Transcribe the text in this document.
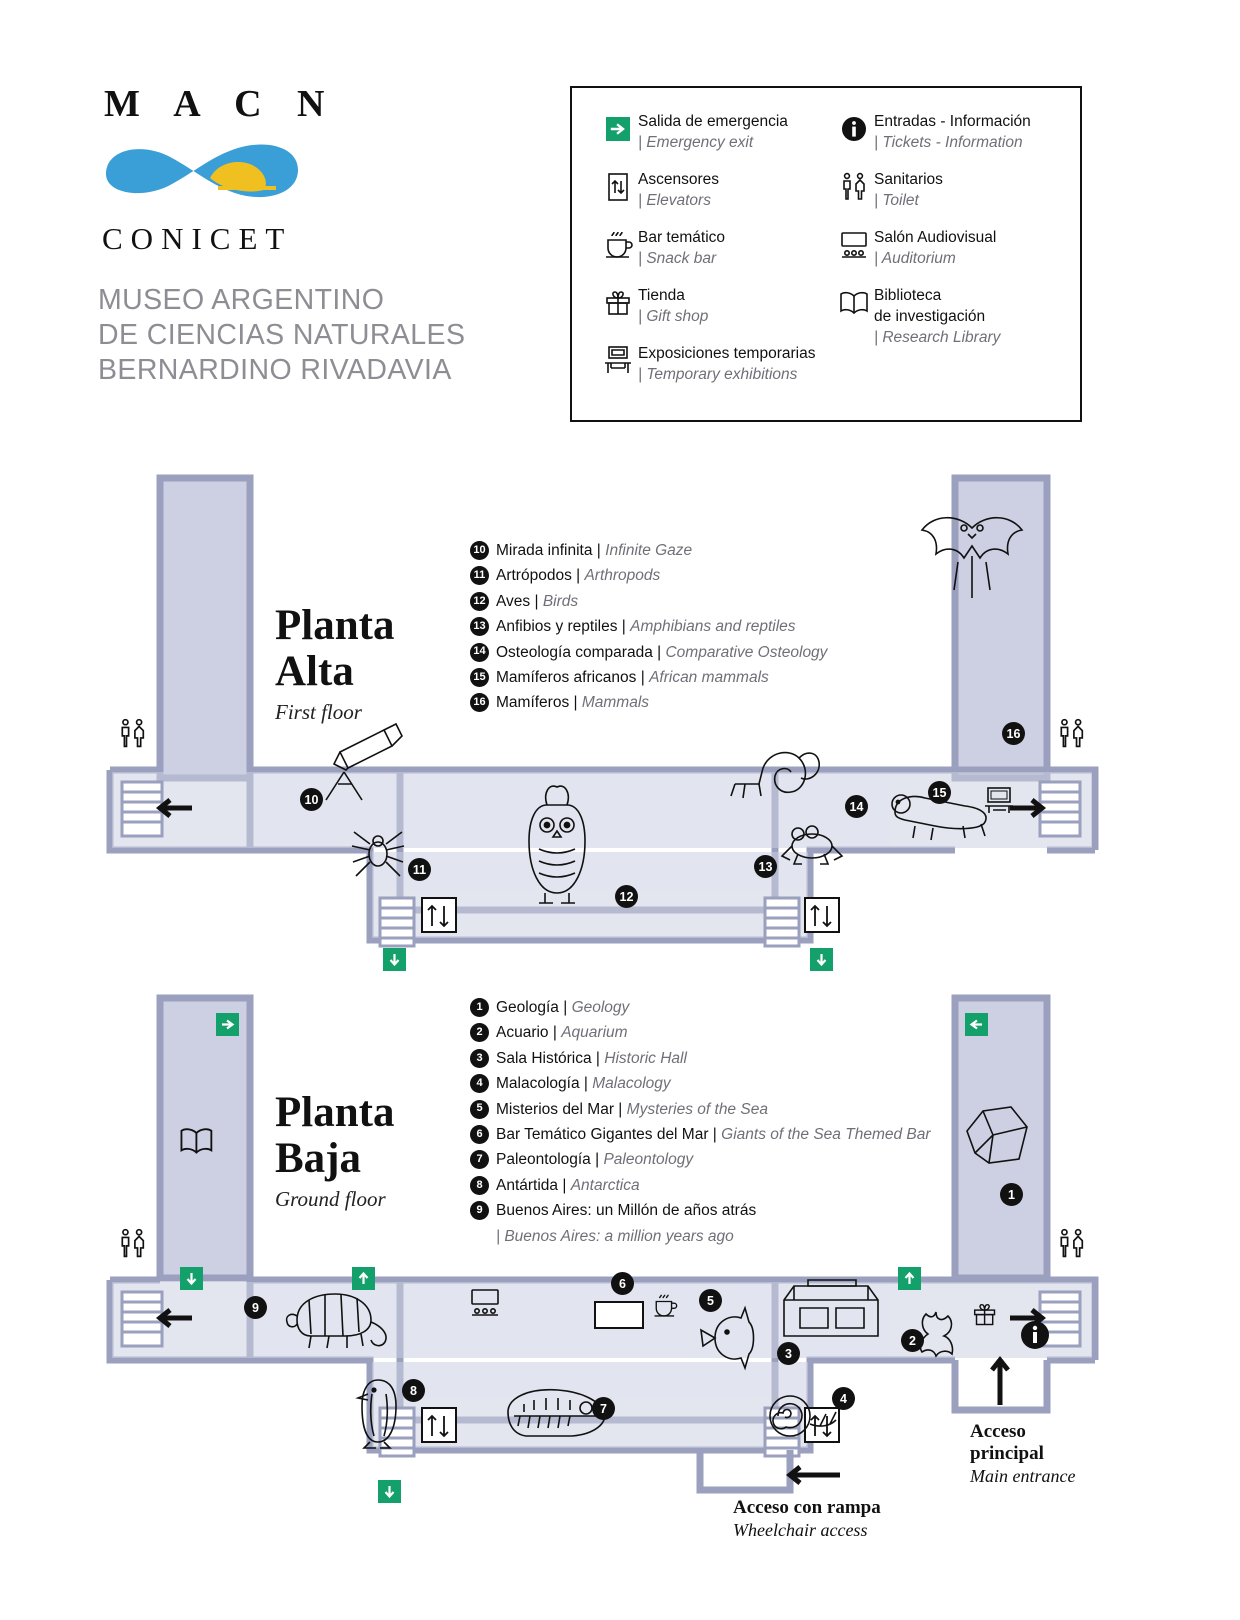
M A C N
CONICET
MUSEO ARGENTINO
DE CIENCIAS NATURALES
BERNARDINO RIVADAVIA
Salida de emergencia
| Emergency exit
Ascensores
| Elevators
Bar temático
| Snack bar
Tienda
| Gift shop
Exposiciones temporarias
| Temporary exhibitions
Entradas - Información
| Tickets - Information
Sanitarios
| Toilet
Salón Audiovisual
| Auditorium
Biblioteca
de investigación
| Research Library
Planta
Alta
First floor
10 Mirada infinita | Infinite Gaze
11 Artrópodos | Arthropods
12 Aves | Birds
13 Anfibios y reptiles | Amphibians and reptiles
14 Osteología comparada | Comparative Osteology
15 Mamíferos africanos | African mammals
16 Mamíferos | Mammals
10
11
12
13
14
15
16
Planta
Baja
Ground floor
1 Geología | Geology
2 Acuario | Aquarium
3 Sala Histórica | Historic Hall
4 Malacología | Malacology
5 Misterios del Mar | Mysteries of the Sea
6 Bar Temático Gigantes del Mar | Giants of the Sea Themed Bar
7 Paleontología | Paleontology
8 Antártida | Antarctica
9 Buenos Aires: un Millón de años atrás
| Buenos Aires: a million years ago
1
2
3
4
5
6
7
8
9
Acceso
principal
Main entrance
Acceso con rampa
Wheelchair access
